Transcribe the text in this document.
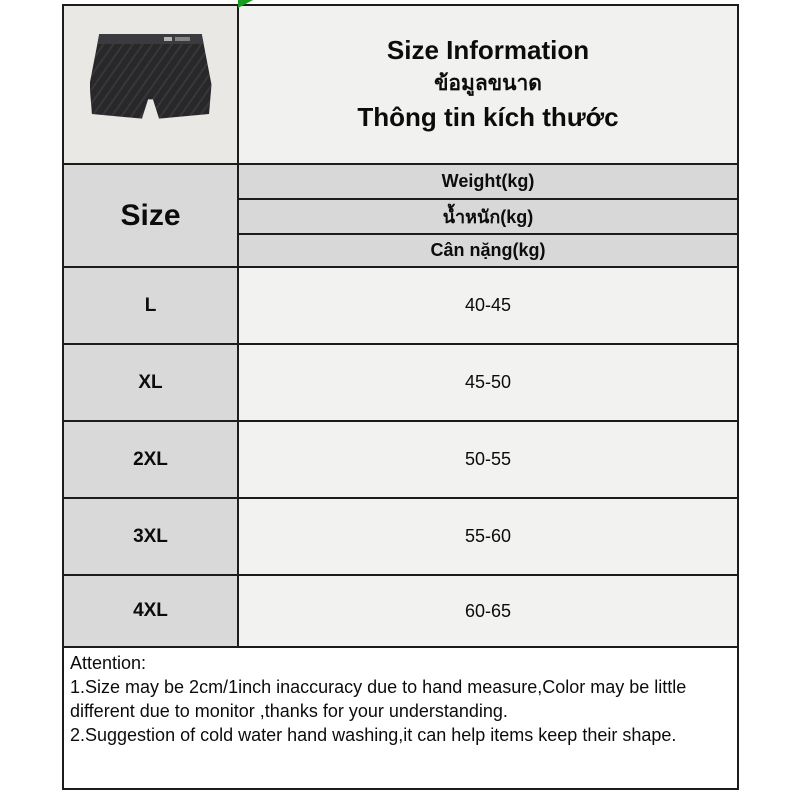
	Size Information
ข้อมูลขนาด
Thông tin kích thước

Size	Weight(kg)
	น้ำหนัก(kg)
	Cân nặng(kg)
L	40-45
XL	45-50
2XL	50-55
3XL	55-60
4XL	60-65

Attention:
1.Size may be 2cm/1inch inaccuracy due to hand measure,Color may be little different due to monitor ,thanks for your understanding.
2.Suggestion of cold water hand washing,it can help items keep their shape.	
